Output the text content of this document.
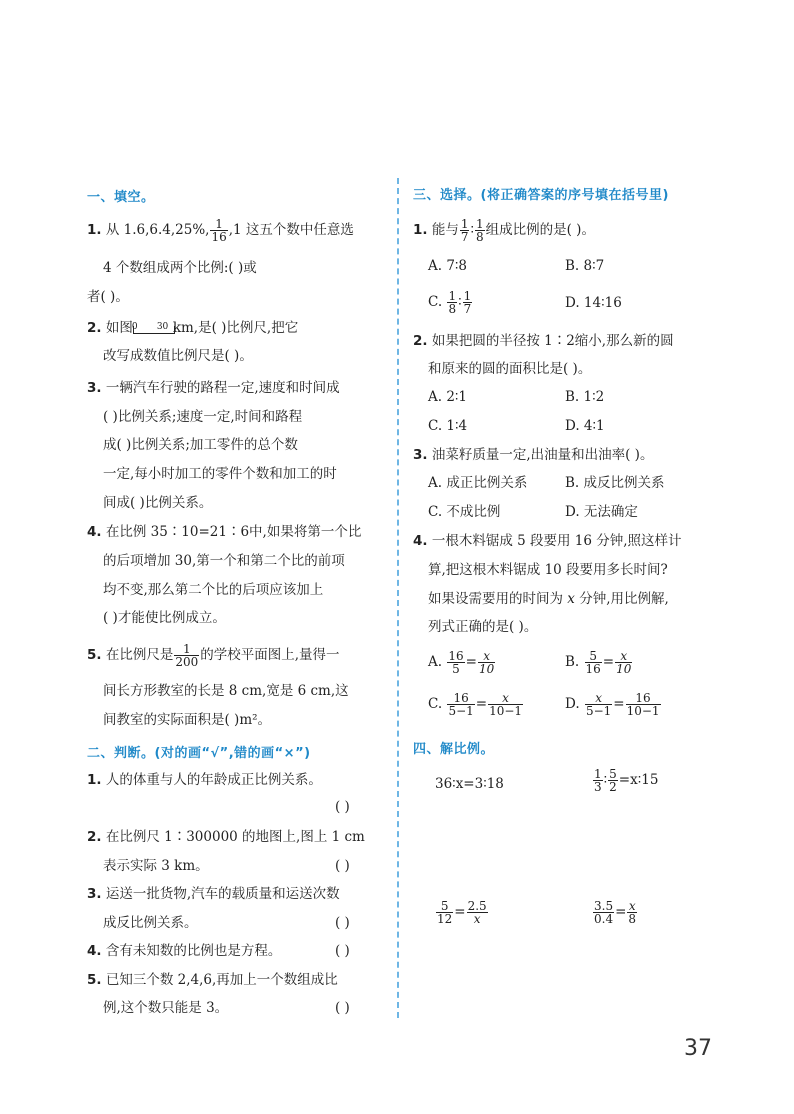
一、填空。
1. 从 1.6,6.4,25%, $\frac{1}{16} ,1$ 这五个数中任意选
4 个数组成两个比例:( )或
者( )。
2. 如图 0 30 km,是( )比例尺,把它
改写成数值比例尺是( )。
3. 一辆汽车行驶的路程一定,速度和时间成
( )比例关系;速度一定,时间和路程
成( )比例关系;加工零件的总个数
一定,每小时加工的零件个数和加工的时
间成( )比例关系。
4. 在比例 35∶10=21∶6中,如果将第一个比
的后项增加 30,第一个和第二个比的前项
均不变,那么第二个比的后项应该加上
( )才能使比例成立。
5. 在比例尺是 $\frac{1}{200}$ 的学校平面图上,量得一
间长方形教室的长是 8 cm,宽是 6 cm,这
间教室的实际面积是( )m²。
二、判断。(对的画“√”,错的画“×”)
1. 人的体重与人的年龄成正比例关系。
( )
2. 在比例尺 1∶300000 的地图上,图上 1 cm
表示实际 3 km。	( )
3. 运送一批货物,汽车的载质量和运送次数
成反比例关系。	( )
4. 含有未知数的比例也是方程。	( )
5. 已知三个数 2,4,6,再加上一个数组成比
例,这个数只能是 3。	( )
三、选择。(将正确答案的序号填在括号里)
1. 能与 $\frac{1}{7}$ ∶ $\frac{1}{8}$ 组成比例的是( )。
A. 7∶8	B. 8∶7
C. $\frac{1}{8}$ ∶ $\frac{1}{7}$	D. 14∶16
2. 如果把圆的半径按 1∶2缩小,那么新的圆
和原来的圆的面积比是( )。
A. 2∶1	B. 1∶2
C. 1∶4	D. 4∶1
3. 油菜籽质量一定,出油量和出油率( )。
A. 成正比例关系	B. 成反比例关系
C. 不成比例	D. 无法确定
4. 一根木料锯成 5 段要用 16 分钟,照这样计
算,把这根木料锯成 10 段要用多长时间?
如果设需要用的时间为 x 分钟,用比例解,
列式正确的是( )。
A. $\frac{16}{5} = \frac{x}{10}$	B. $\frac{5}{16} = \frac{x}{10}$
C. $\frac{16}{5-1} = \frac{x}{10-1}$	D. $\frac{x}{5-1} = \frac{16}{10-1}$
四、解比例。
36∶x=3∶18	$\frac{1}{3}$ ∶ $\frac{5}{2}$ =x∶15
$\frac{5}{12} = \frac{2.5}{x}$	$\frac{3.5}{0.4} = \frac{x}{8}$
37
